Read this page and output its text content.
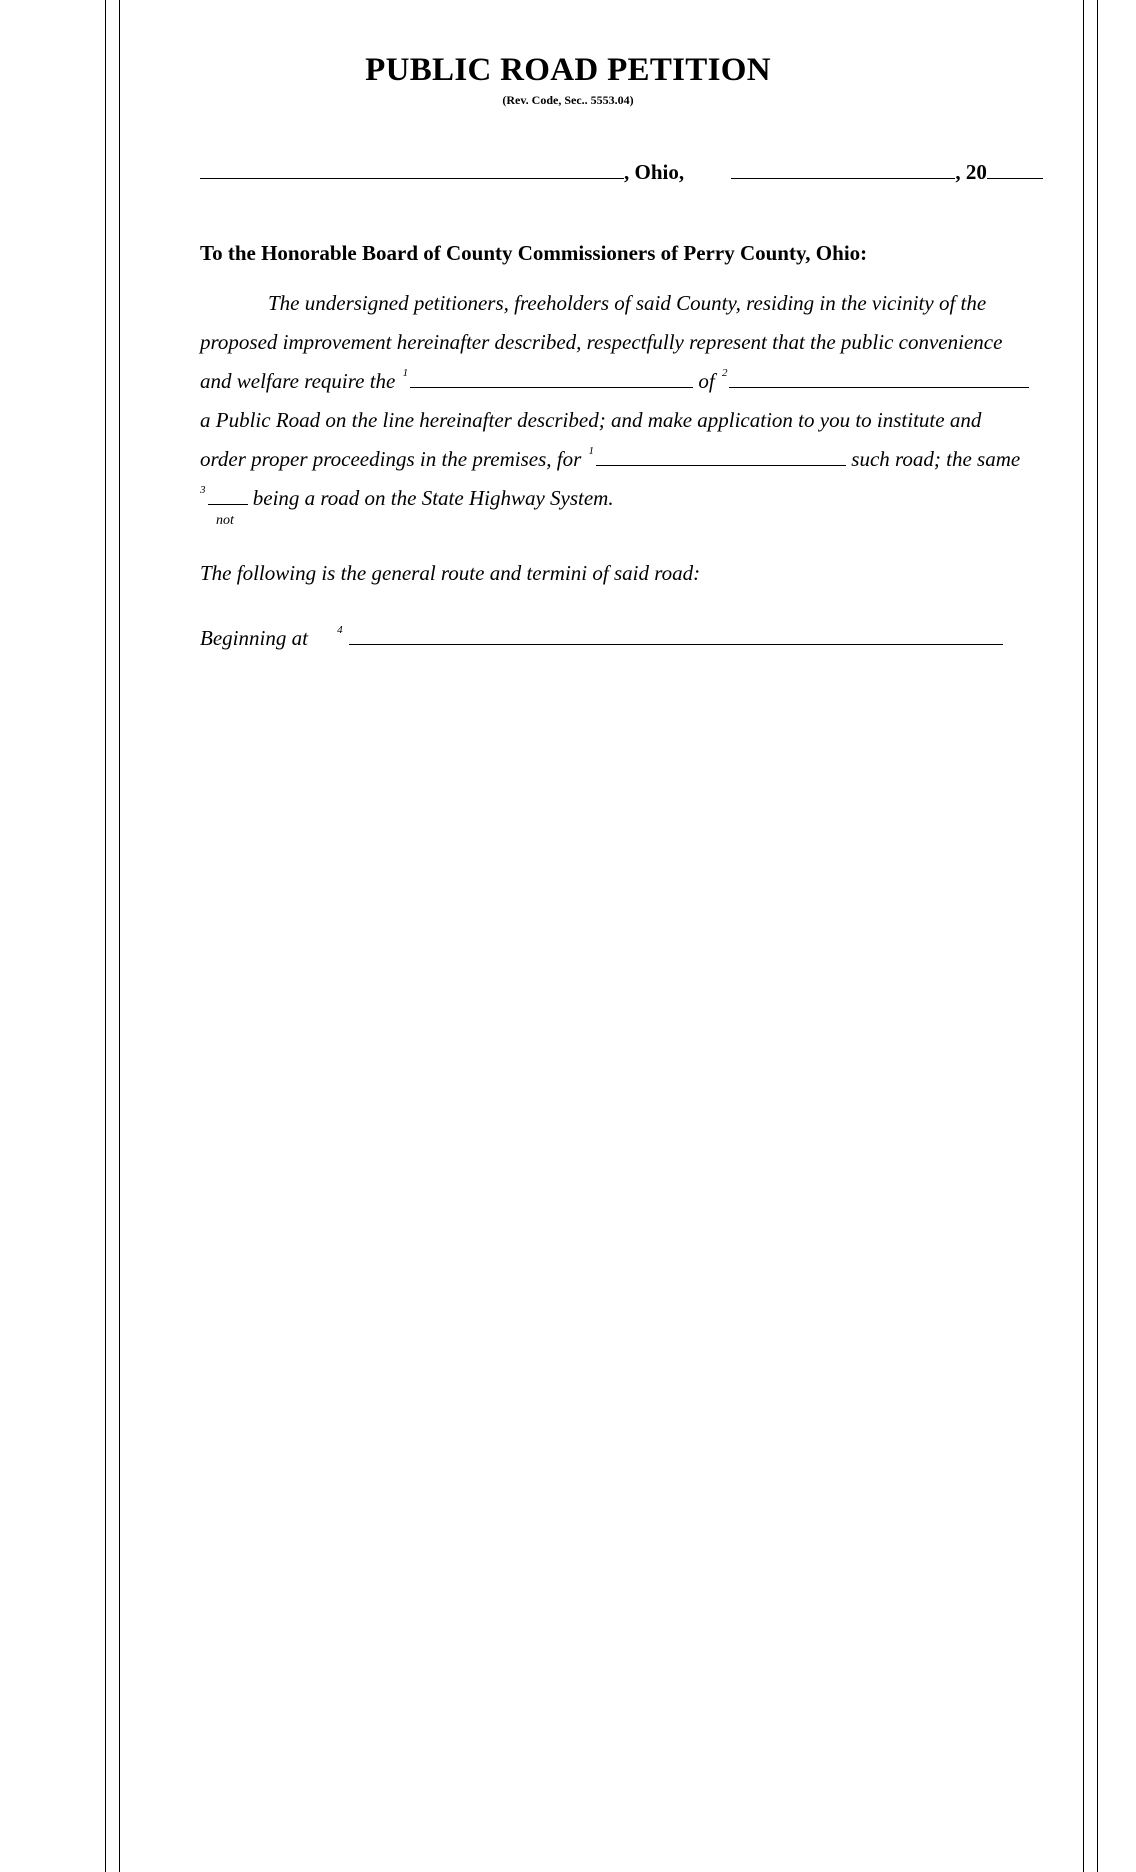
PUBLIC ROAD PETITION
(Rev. Code, Sec.. 5553.04)
, Ohio,	, 20
To the Honorable Board of County Commissioners of Perry County, Ohio:
The undersigned petitioners, freeholders of said County, residing in the vicinity of the
proposed improvement hereinafter described, respectfully represent that the public convenience
and welfare require the $^1$	of $^2$
a Public Road on the line hereinafter described; and make application to you to institute and
order proper proceedings in the premises, for $^1$	such road; the same
$^3$ being a road on the State Highway System.
not
The following is the general route and termini of said road:
Beginning at	$^4$
